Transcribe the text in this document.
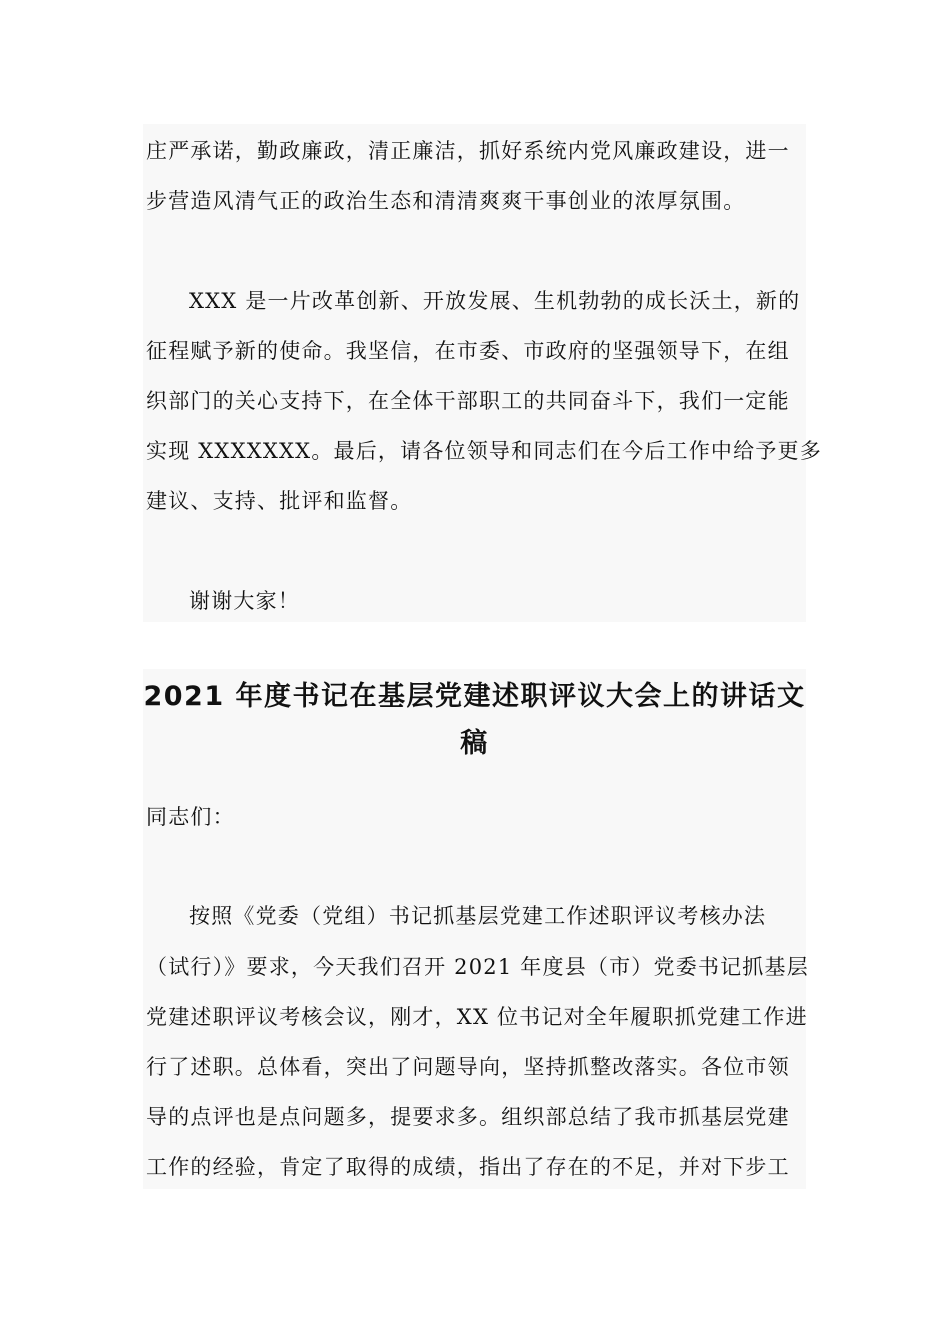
庄严承诺，勤政廉政，清正廉洁，抓好系统内党风廉政建设，进一
步营造风清气正的政治生态和清清爽爽干事创业的浓厚氛围。
XXX 是一片改革创新、开放发展、生机勃勃的成长沃土，新的
征程赋予新的使命。我坚信，在市委、市政府的坚强领导下，在组
织部门的关心支持下，在全体干部职工的共同奋斗下，我们一定能
实现 XXXXXXX。最后，请各位领导和同志们在今后工作中给予更多
建议、支持、批评和监督。
谢谢大家！
2021 年度书记在基层党建述职评议大会上的讲话文
稿
同志们：
按照《党委（党组）书记抓基层党建工作述职评议考核办法
（试行）》要求，今天我们召开 2021 年度县（市）党委书记抓基层
党建述职评议考核会议，刚才，XX 位书记对全年履职抓党建工作进
行了述职。总体看，突出了问题导向，坚持抓整改落实。各位市领
导的点评也是点问题多，提要求多。组织部总结了我市抓基层党建
工作的经验，肯定了取得的成绩，指出了存在的不足，并对下步工
